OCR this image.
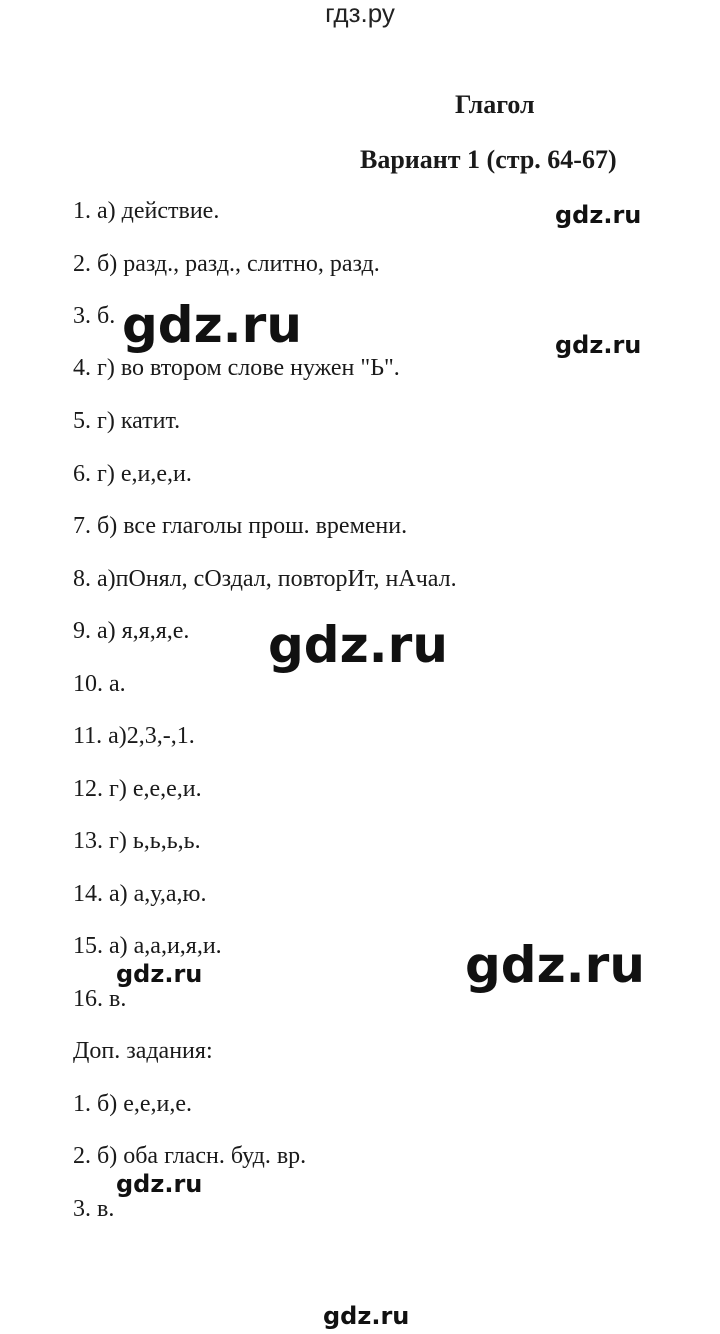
гдз.ру
Глагол
Вариант 1 (стр. 64-67)
1. а) действие.
2. б) разд., разд., слитно, разд.
3. б.
4. г) во втором слове нужен "Ь".
5. г) катит.
6. г) е,и,е,и.
7. б) все глаголы прош. времени.
8. а)пОнял, сОздал, повторИт, нАчал.
9. а) я,я,я,е.
10. а.
11. а)2,3,-,1.
12. г) е,е,е,и.
13. г) ь,ь,ь,ь.
14. а) а,у,а,ю.
15. а) а,а,и,я,и.
16. в.
Доп. задания:
1. б) е,е,и,е.
2. б) оба гласн. буд. вр.
3. в.
gdz.ru
gdz.ru	gdz.ru
gdz.ru
gdz.ru
gdz.ru
gdz.ru
gdz.ru
